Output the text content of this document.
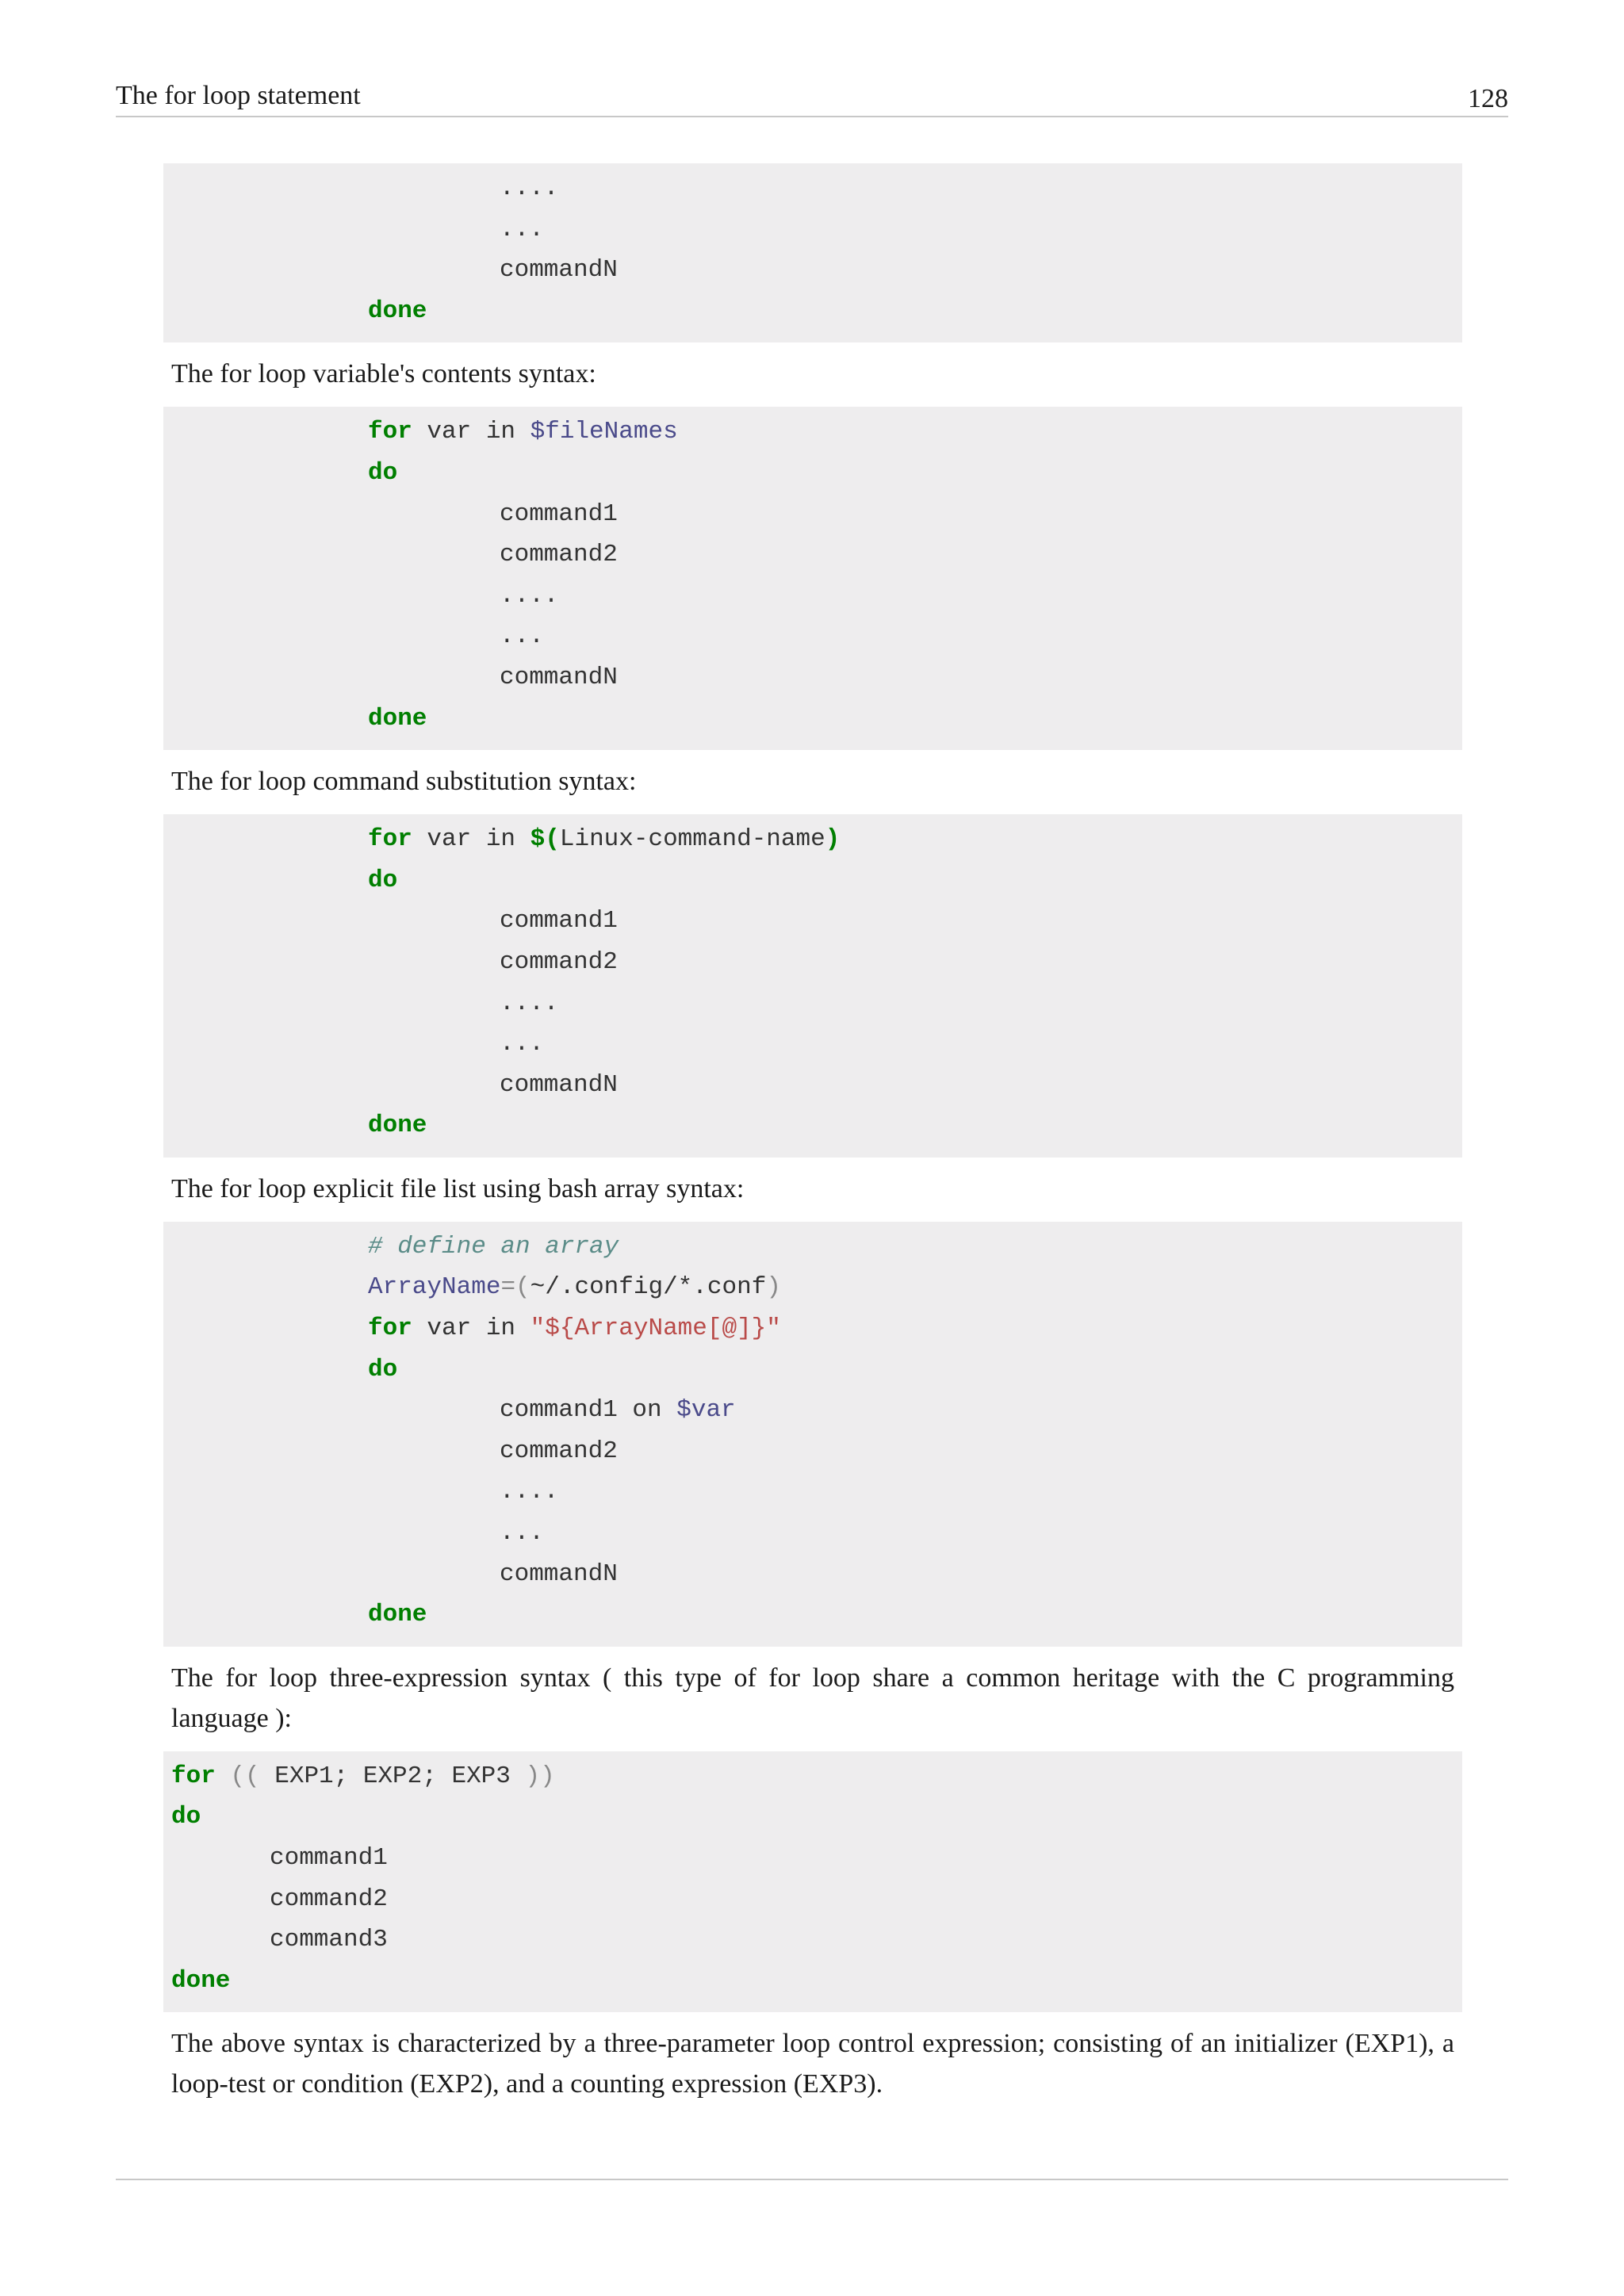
The for loop statement	128
....
...
commandN
done
The for loop variable's contents syntax:
for var in $fileNames
do
command1
command2
....
...
commandN
done
The for loop command substitution syntax:
for var in $(Linux-command-name)
do
command1
command2
....
...
commandN
done
The for loop explicit file list using bash array syntax:
# define an array
ArrayName=(~/.config/*.conf)
for var in "${ArrayName[@]}"
do
command1 on $var
command2
....
...
commandN
done
The for loop three-expression syntax ( this type of for loop share a common heritage with the C programming language ):
for (( EXP1; EXP2; EXP3 ))
do
command1
command2
command3
done
The above syntax is characterized by a three-parameter loop control expression; consisting of an initializer (EXP1), a loop-test or condition (EXP2), and a counting expression (EXP3).
